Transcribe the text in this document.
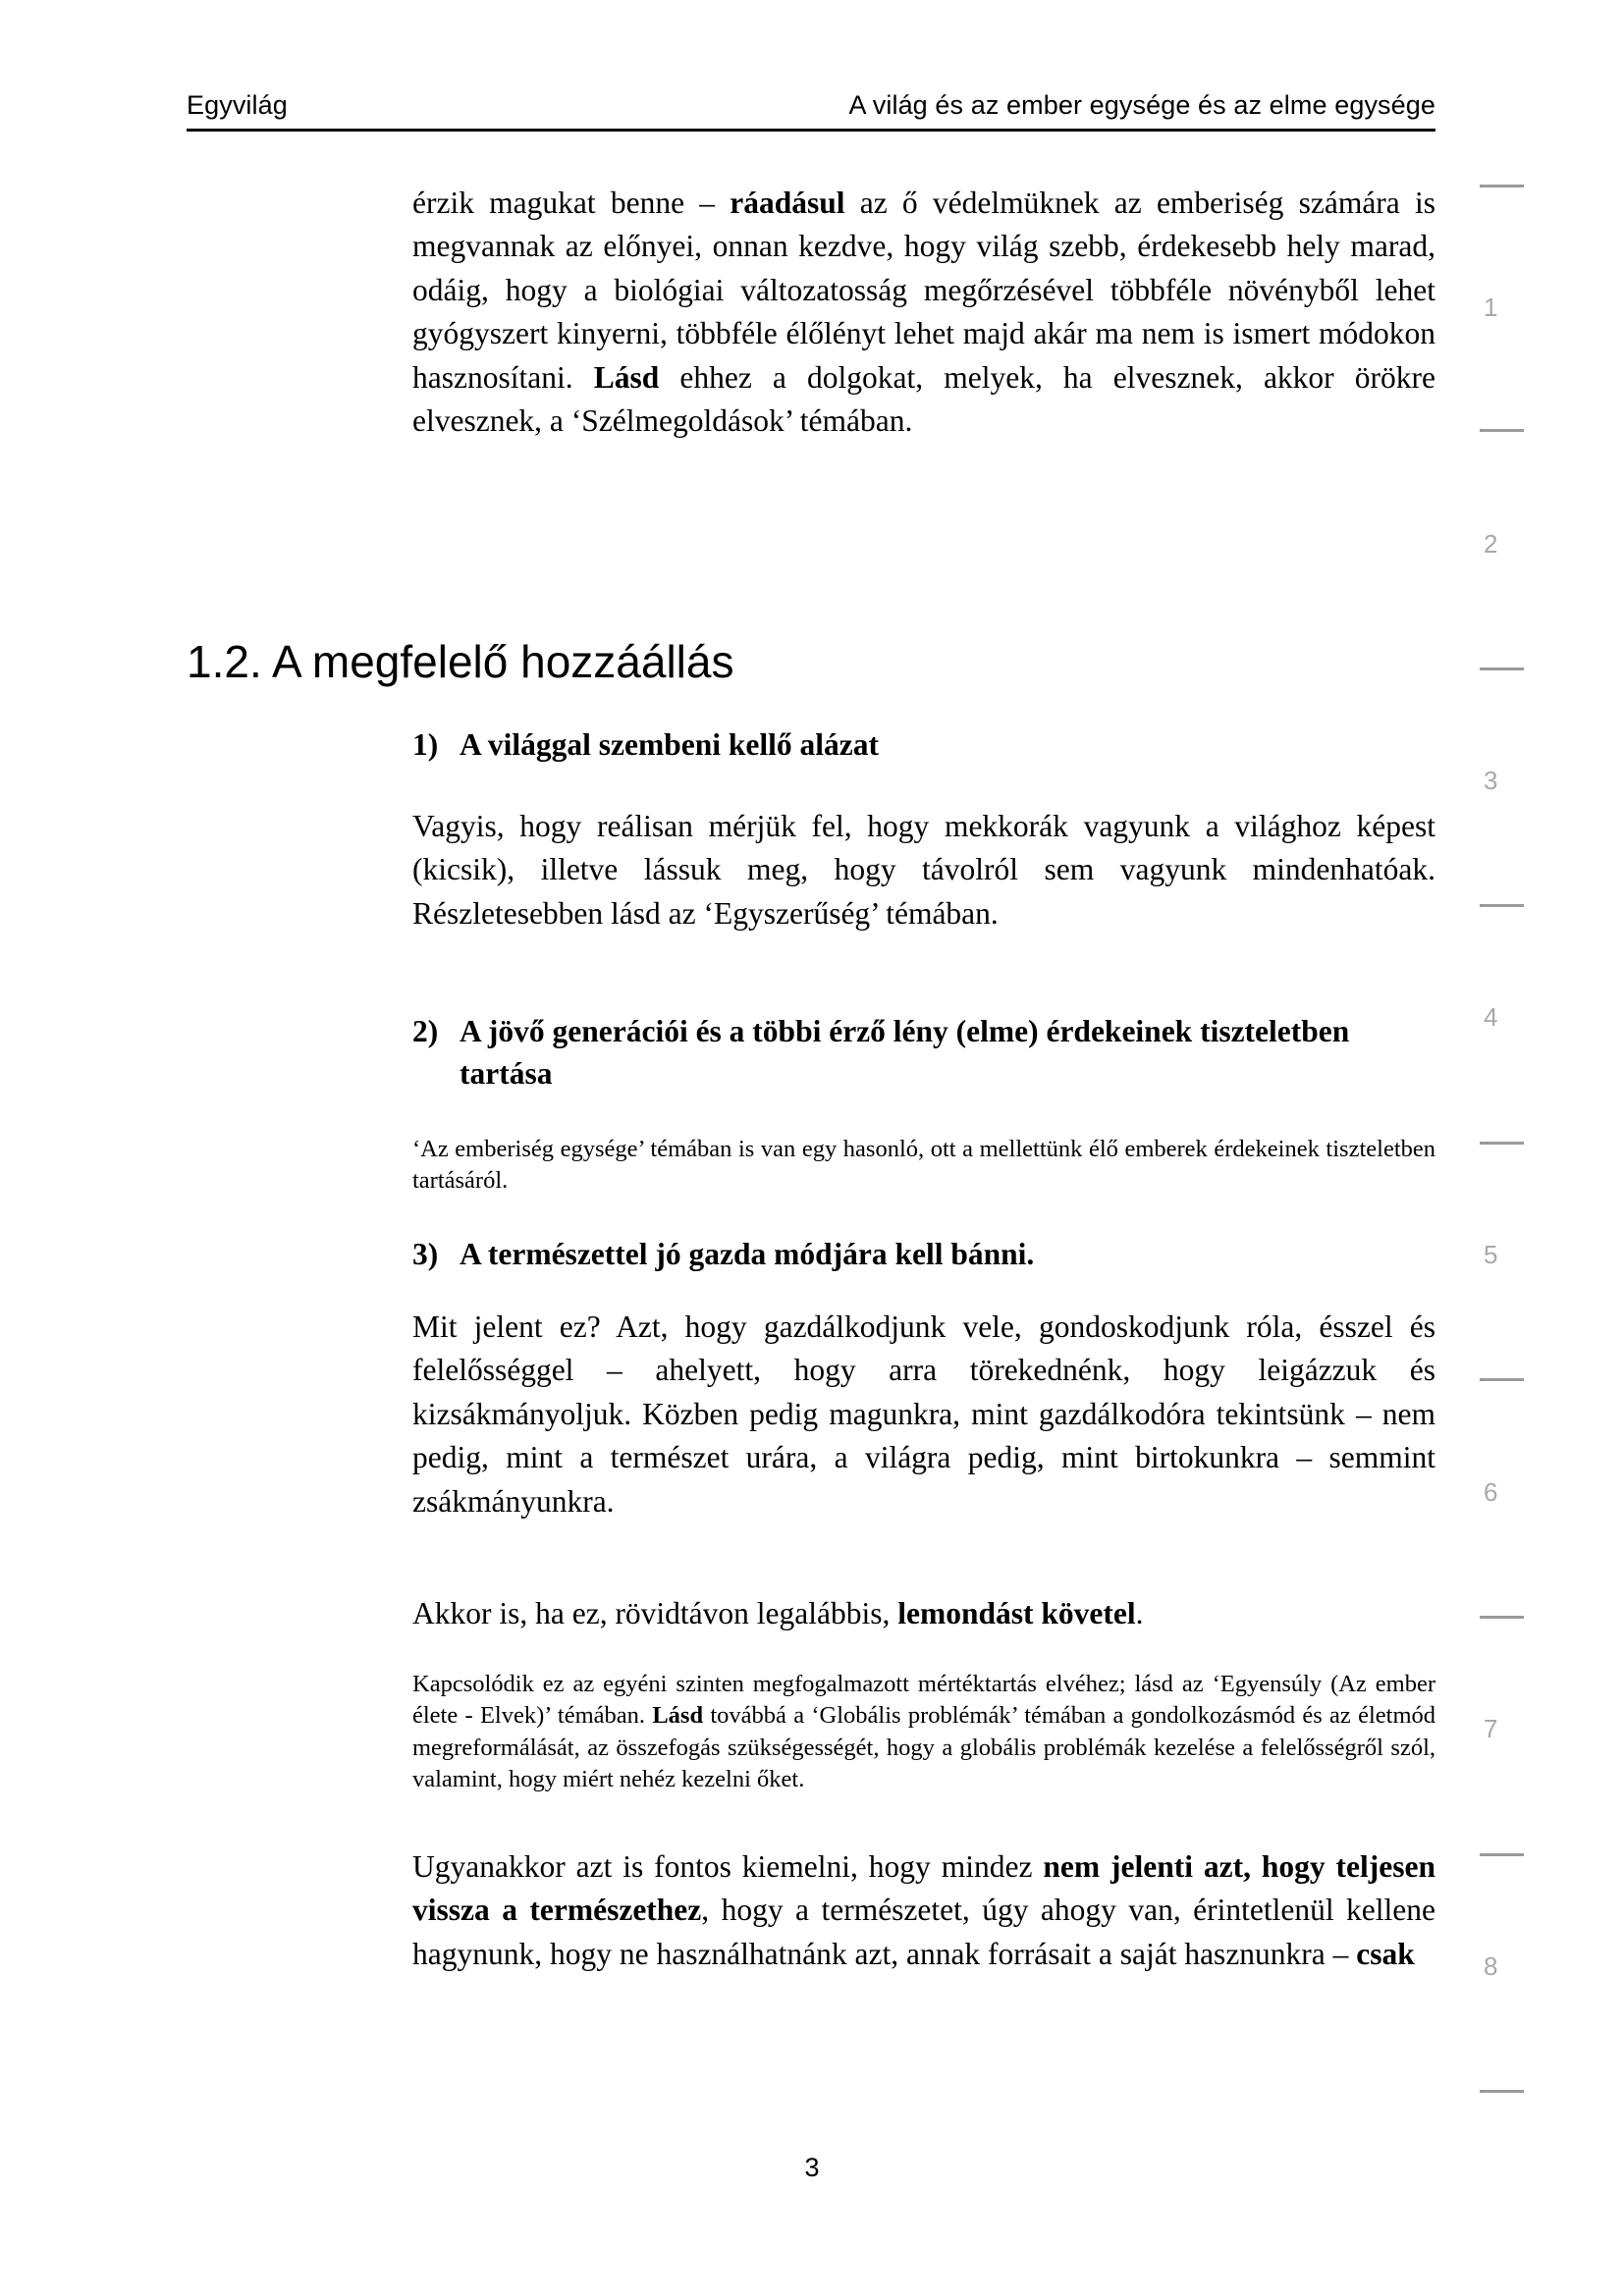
Egyvilág	A világ és az ember egysége és az elme egysége

érzik magukat benne – ráadásul az ő védelmüknek az emberiség számára is megvannak az előnyei, onnan kezdve, hogy világ szebb, érdekesebb hely marad, odáig, hogy a biológiai változatosság megőrzésével többféle növényből lehet gyógyszert kinyerni, többféle élőlényt lehet majd akár ma nem is ismert módokon hasznosítani. Lásd ehhez a dolgokat, melyek, ha elvesznek, akkor örökre elvesznek, a ‘Szélmegoldások’ témában.

1.2. A megfelelő hozzáállás
1) A világgal szembeni kellő alázat

Vagyis, hogy reálisan mérjük fel, hogy mekkorák vagyunk a világhoz képest (kicsik), illetve lássuk meg, hogy távolról sem vagyunk mindenhatóak. Részletesebben lásd az ‘Egyszerűség’ témában.

2) A jövő generációi és a többi érző lény (elme) érdekeinek tiszteletben tartása

‘Az emberiség egysége’ témában is van egy hasonló, ott a mellettünk élő emberek érdekeinek tiszteletben tartásáról.

3) A természettel jó gazda módjára kell bánni.

Mit jelent ez? Azt, hogy gazdálkodjunk vele, gondoskodjunk róla, ésszel és felelősséggel – ahelyett, hogy arra törekednénk, hogy leigázzuk és kizsákmányoljuk. Közben pedig magunkra, mint gazdálkodóra tekintsünk – nem pedig, mint a természet urára, a világra pedig, mint birtokunkra – semmint zsákmányunkra.

Akkor is, ha ez, rövidtávon legalábbis, lemondást követel.

Kapcsolódik ez az egyéni szinten megfogalmazott mértéktartás elvéhez; lásd az ‘Egyensúly (Az ember élete - Elvek)’ témában. Lásd továbbá a ‘Globális problémák’ témában a gondolkozásmód és az életmód megreformálását, az összefogás szükségességét, hogy a globális problémák kezelése a felelősségről szól, valamint, hogy miért nehéz kezelni őket.

Ugyanakkor azt is fontos kiemelni, hogy mindez nem jelenti azt, hogy teljesen vissza a természethez, hogy a természetet, úgy ahogy van, érintetlenül kellene hagynunk, hogy ne használhatnánk azt, annak forrásait a saját hasznunkra – csak

1
2
3
4
5
6
7
8
3
